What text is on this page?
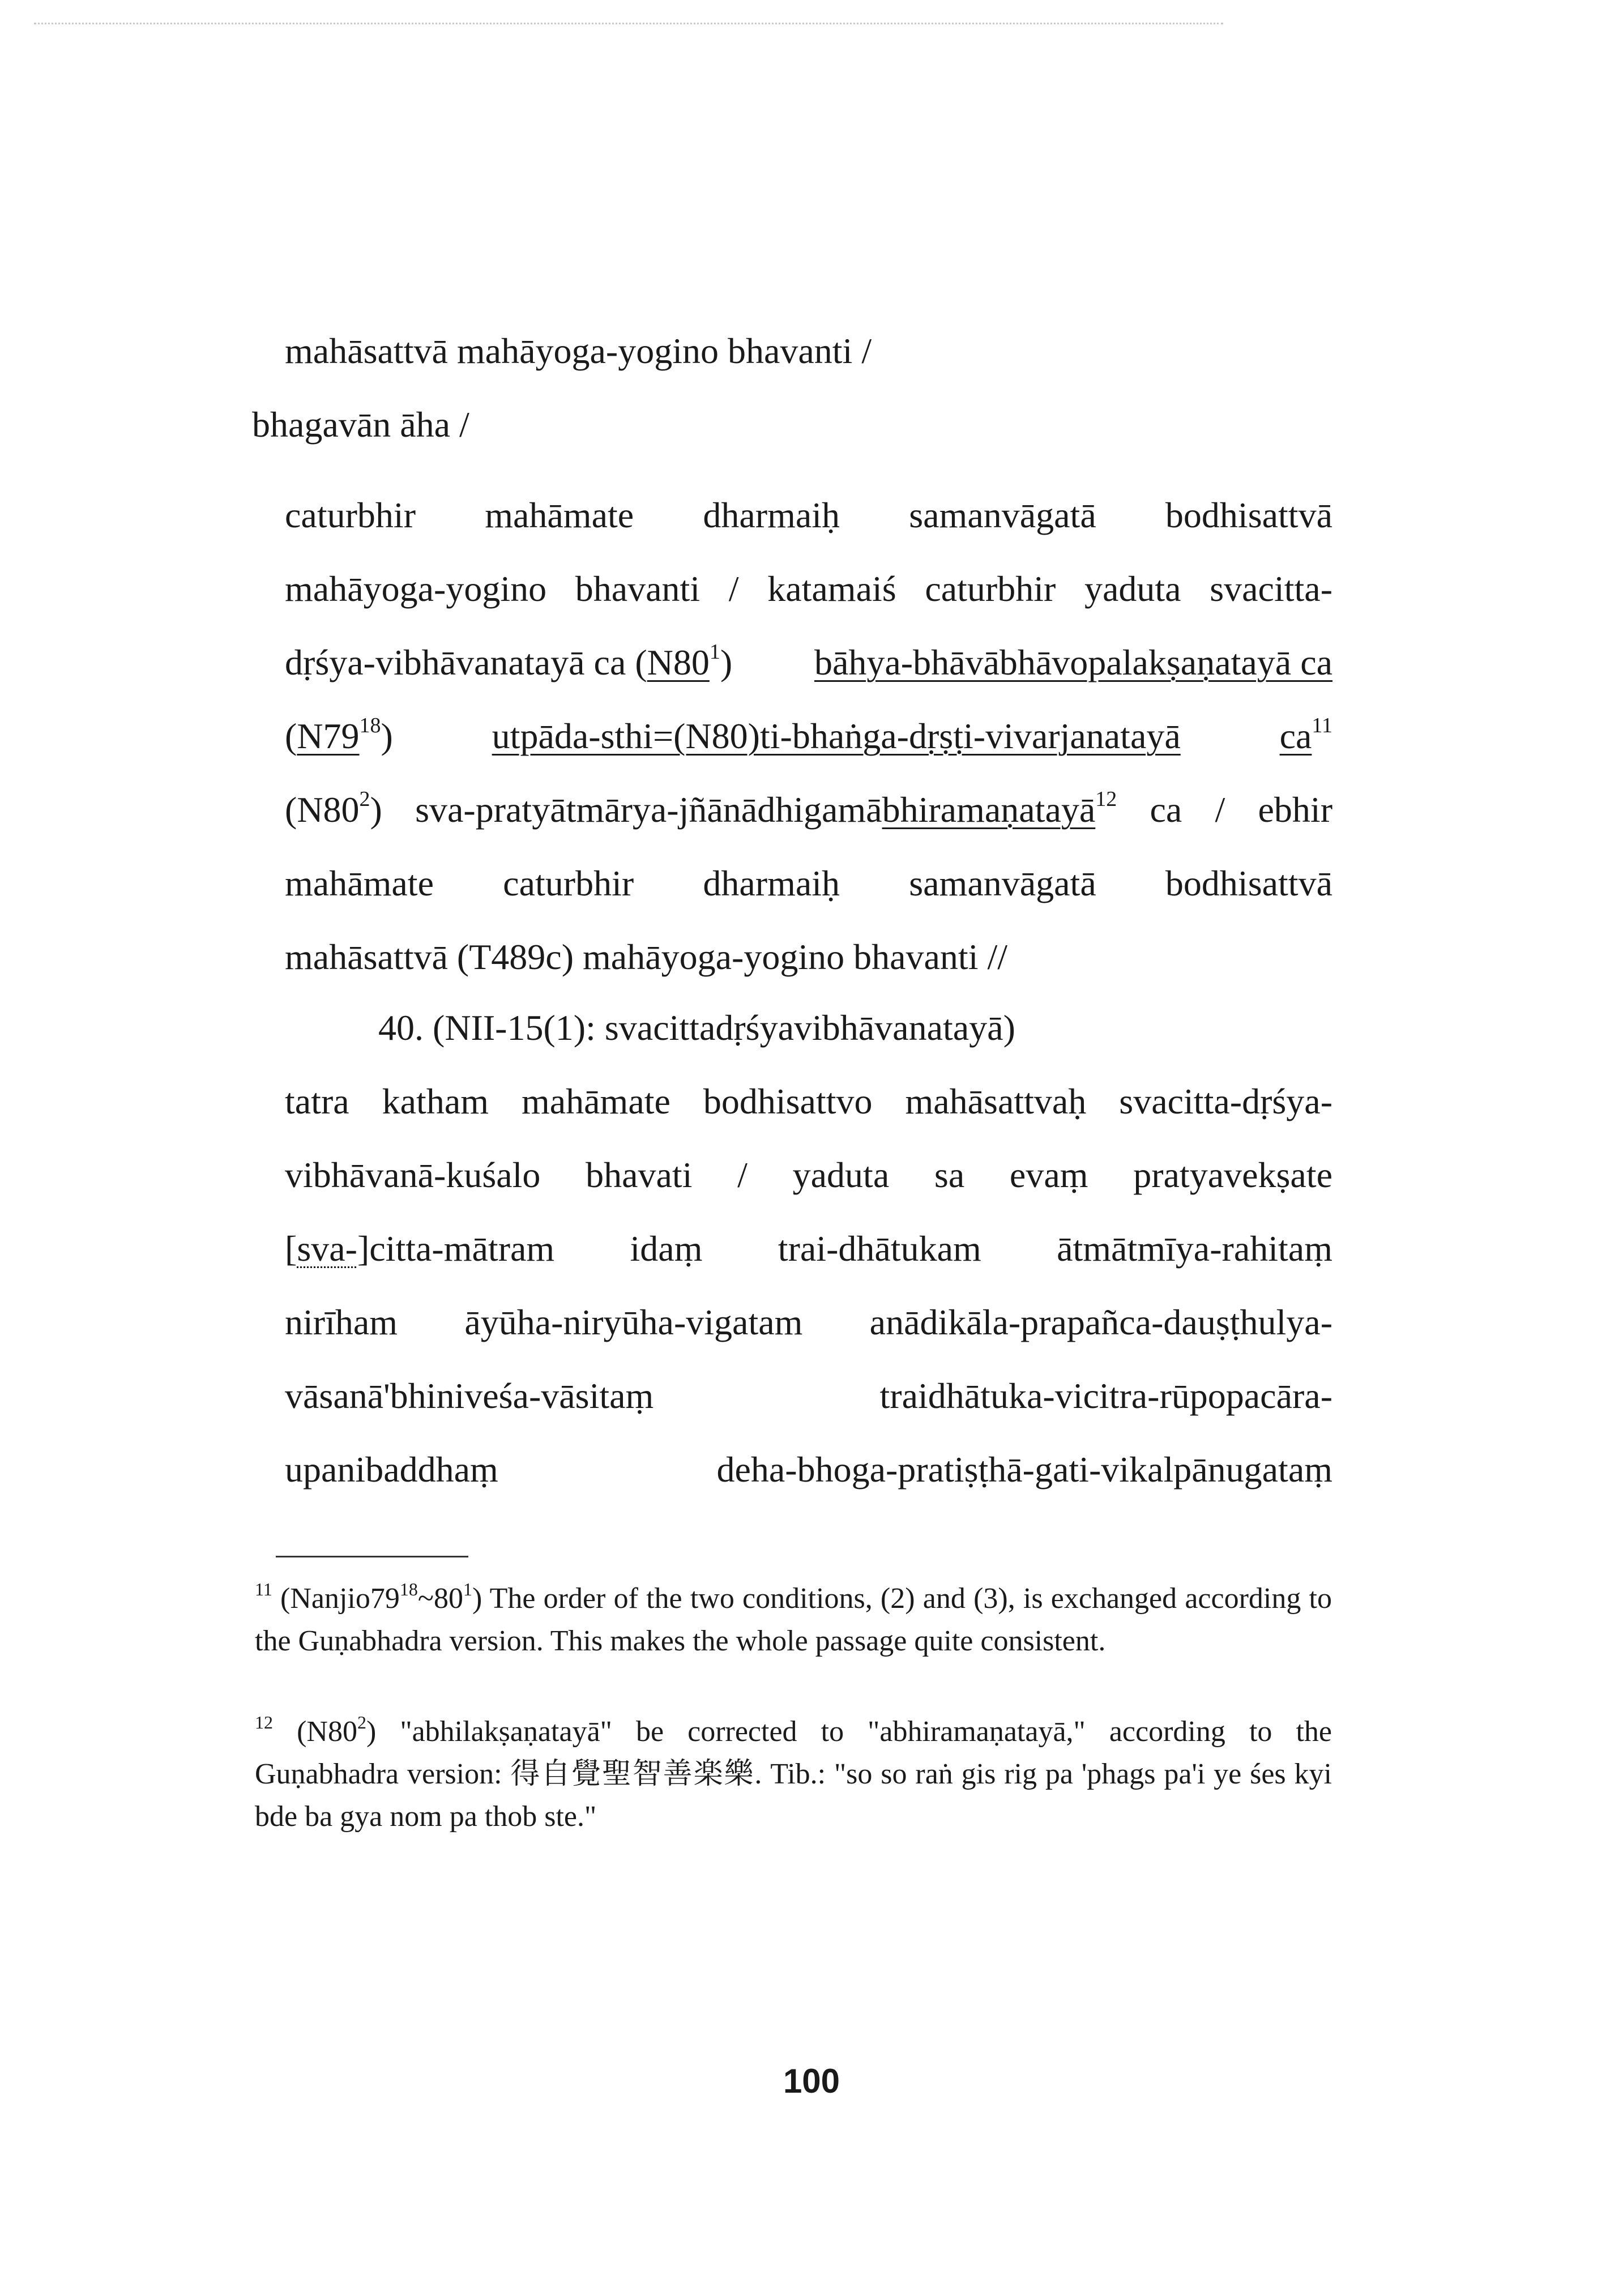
mahāsattvā mahāyoga-yogino bhavanti /
bhagavān āha /
caturbhir mahāmate dharmaiḥ samanvāgatā bodhisattvā
mahāyoga-yogino bhavanti / katamaiś caturbhir yaduta svacitta-
dṛśya-vibhāvanatayā ca $(N80^1)$ bāhya-bhāvābhāvopalakṣaṇatayā ca
$(N79^{18})$	utpāda-sthi=(N80)ti-bhaṅga-dṛṣṭi-vivarjanatayā	$ca^{11}$
$(N80^2)$ sva-pratyātmārya-jñānādhigamābhiramaṇatayā$^{12}$ ca / ebhir
mahāmate caturbhir dharmaiḥ samanvāgatā bodhisattvā
mahāsattvā (T489c) mahāyoga-yogino bhavanti //
40. (NII-15(1): svacittadṛśyavibhāvanatayā)
tatra katham mahāmate bodhisattvo mahāsattvaḥ svacitta-dṛśya-
vibhāvanā-kuśalo bhavati / yaduta sa evaṃ pratyavekṣate
[sva-]citta-mātram idaṃ trai-dhātukam ātmātmīya-rahitaṃ
nirīham āyūha-niryūha-vigatam anādikāla-prapañca-dauṣṭhulya-
vāsanā'bhiniveśa-vāsitaṃ	traidhātuka-vicitra-rūpopacāra-
upanibaddhaṃ	deha-bhoga-pratiṣṭhā-gati-vikalpānugataṃ

$^{11}$ (Nanjio79$^{18}$~80$^1$) The order of the two conditions, (2) and (3), is exchanged according to the Guṇabhadra version. This makes the whole passage quite consistent.

$^{12}$ (N80$^2$) "abhilakṣaṇatayā" be corrected to "abhiramaṇatayā," according to the Guṇabhadra version: 得自覺聖智善楽樂. Tib.: "so so raṅ gis rig pa 'phags pa'i ye śes kyi bde ba gya nom pa thob ste."

100
